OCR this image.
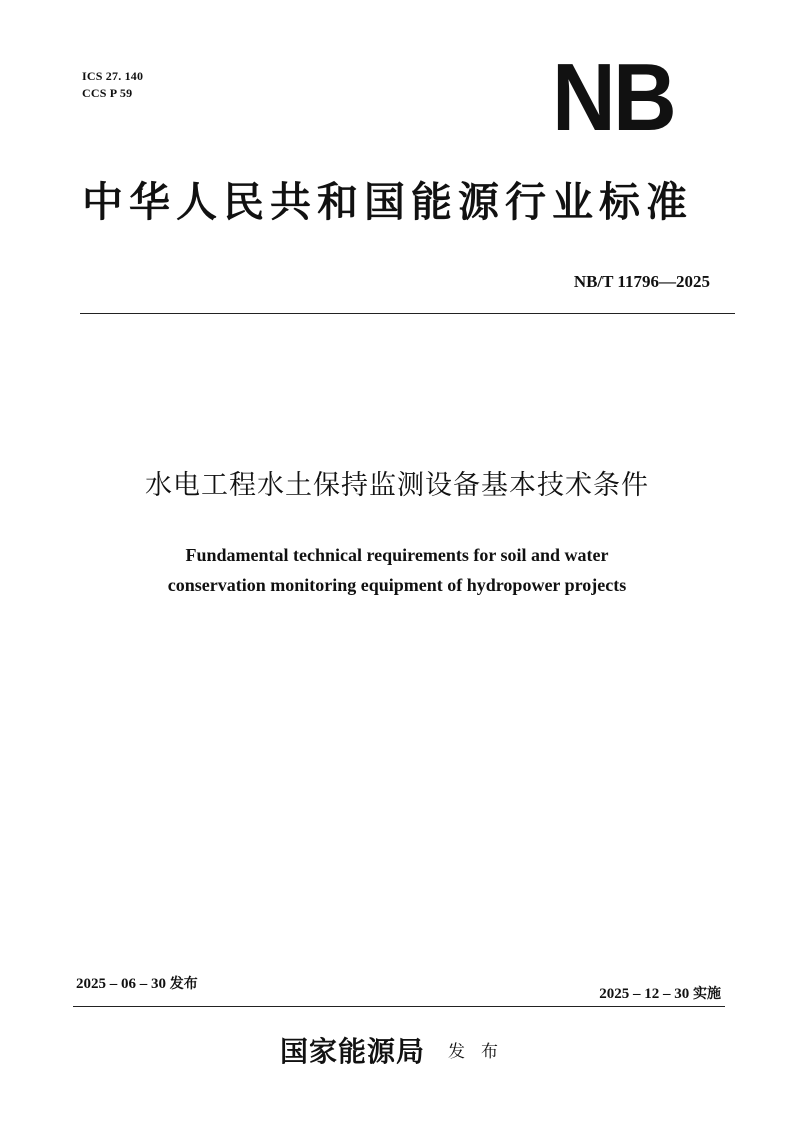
ICS 27. 140
CCS P 59	NB
中华人民共和国能源行业标准
NB/T 11796—2025
水电工程水土保持监测设备基本技术条件
Fundamental technical requirements for soil and water
conservation monitoring equipment of hydropower projects
2025 – 06 – 30 发布
2025 – 12 – 30 实施
国家能源局 发布
